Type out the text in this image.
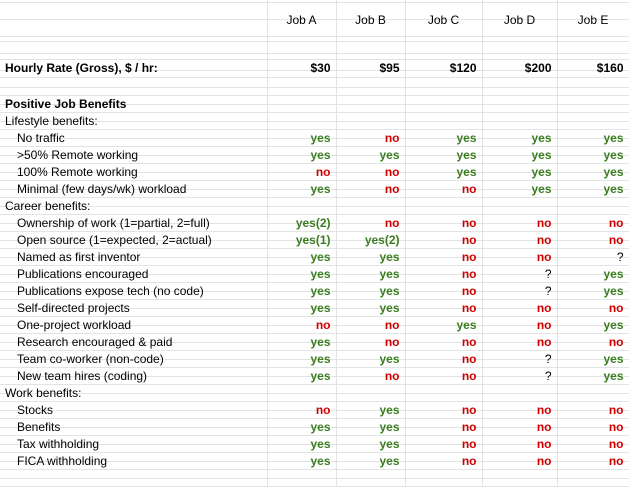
	Job A	Job B	Job C	Job D	Job E

Hourly Rate (Gross), $ / hr:	$30	$95	$120	$200	$160

Positive Job Benefits					
Lifestyle benefits:					
No traffic	yes	no	yes	yes	yes
>50% Remote working	yes	yes	yes	yes	yes
100% Remote working	no	no	yes	yes	yes
Minimal (few days/wk) workload	yes	no	no	yes	yes
Career benefits:					
Ownership of work (1=partial, 2=full)	yes(2)	no	no	no	no
Open source (1=expected, 2=actual)	yes(1)	yes(2)	no	no	no
Named as first inventor	yes	yes	no	no	?
Publications encouraged	yes	yes	no	?	yes
Publications expose tech (no code)	yes	yes	no	?	yes
Self-directed projects	yes	yes	no	no	no
One-project workload	no	no	yes	no	yes
Research encouraged & paid	yes	no	no	no	no
Team co-worker (non-code)	yes	yes	no	?	yes
New team hires (coding)	yes	no	no	?	yes
Work benefits:					
Stocks	no	yes	no	no	no
Benefits	yes	yes	no	no	no
Tax withholding	yes	yes	no	no	no
FICA withholding	yes	yes	no	no	no
